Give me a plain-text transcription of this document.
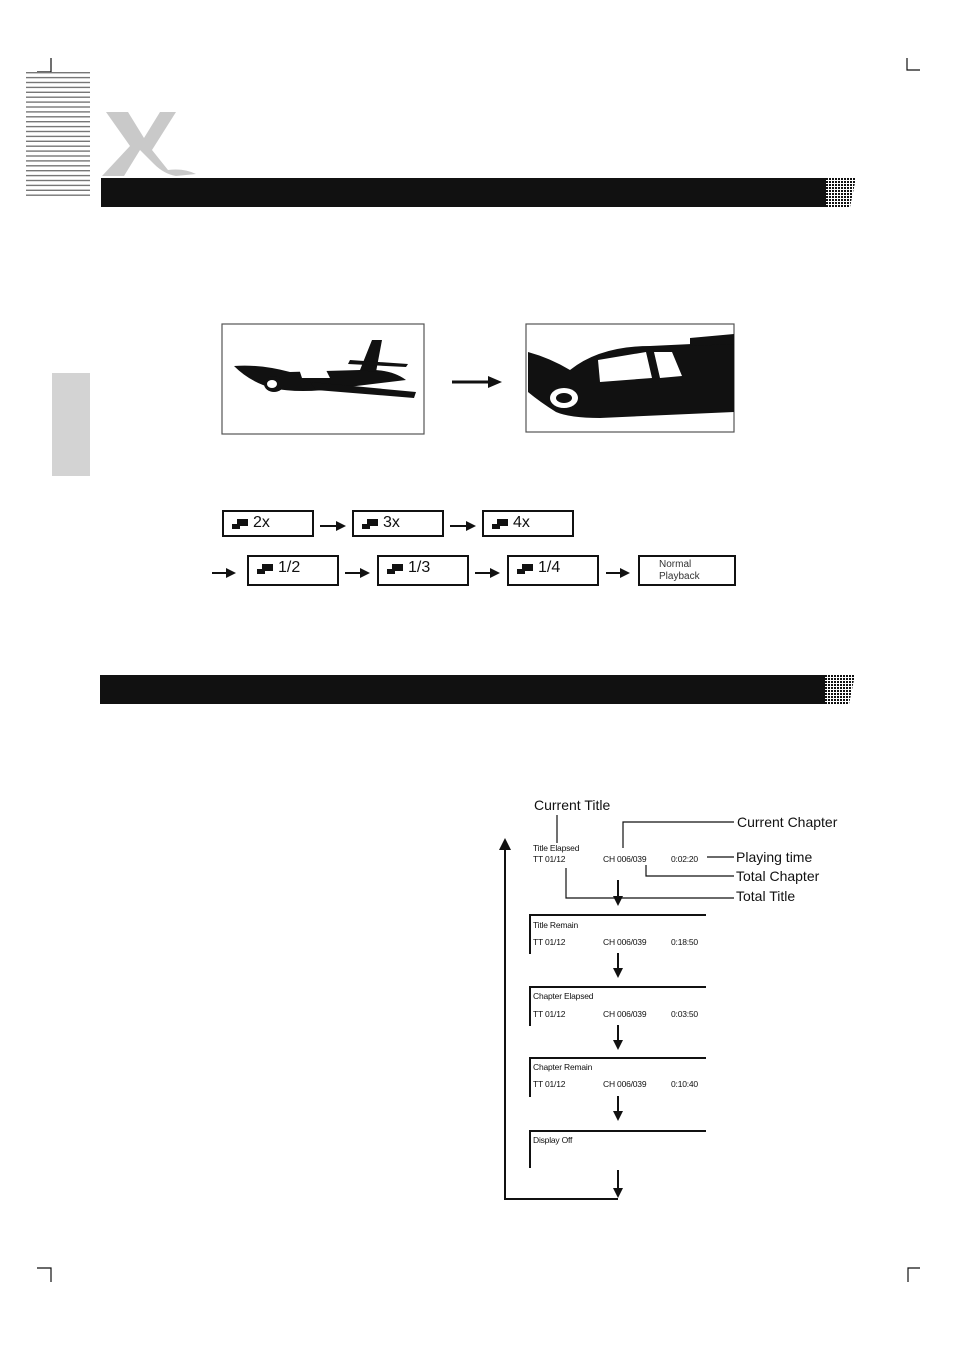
2x	3x	4x
1/2	1/3	1/4	Normal
Playback
Current Title
Current Chapter
Playing time
Total Chapter
Total Title
Title Elapsed
TT 01/12	CH 006/039	0:02:20
Title Remain
TT 01/12	CH 006/039	0:18:50
Chapter Elapsed
TT 01/12	CH 006/039	0:03:50
Chapter Remain
TT 01/12	CH 006/039	0:10:40
Display Off
